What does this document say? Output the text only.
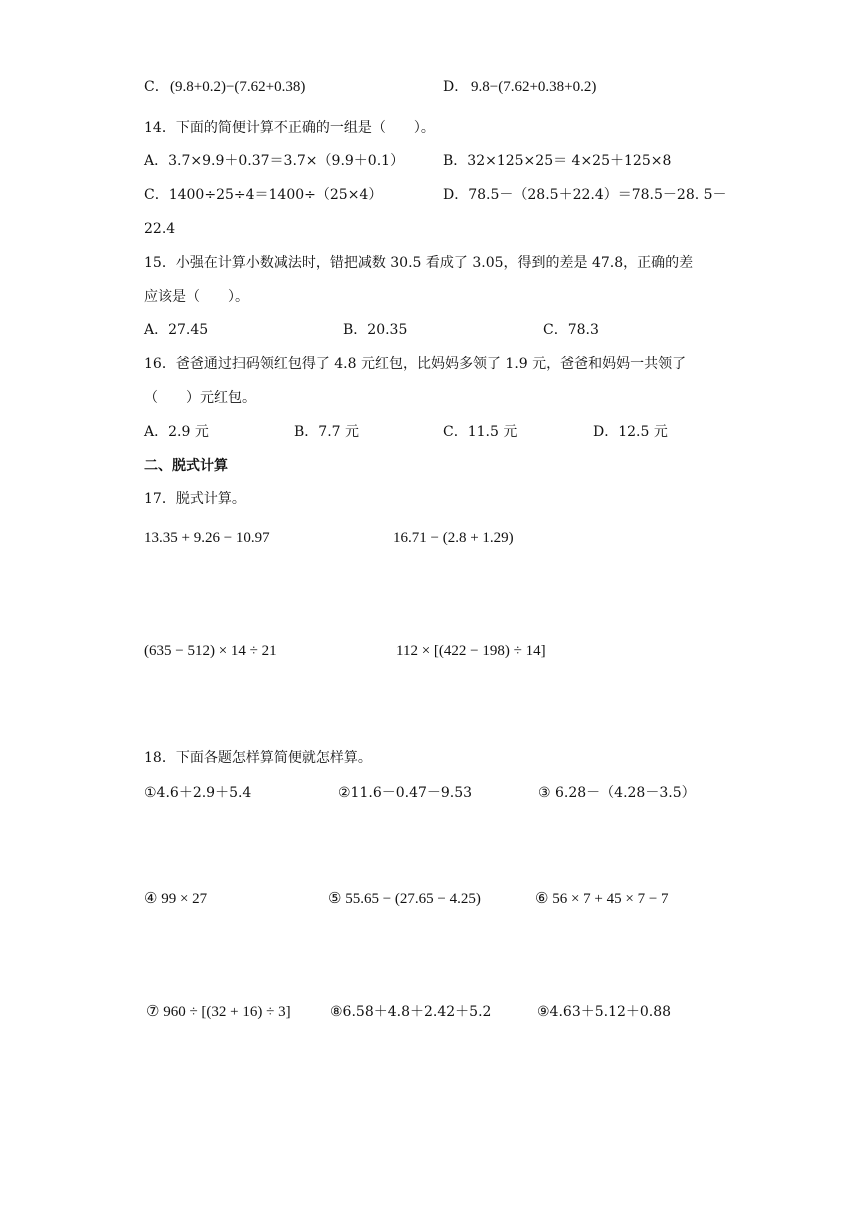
C． (9.8+0.2)−(7.62+0.38)	D． 9.8−(7.62+0.38+0.2)
14．下面的简便计算不正确的一组是（　　）。
A．3.7×9.9＋0.37＝3.7×（9.9＋0.1）	B．32×125×25＝ 4×25＋125×8
C．1400÷25÷4＝1400÷（25×4）	D．78.5－（28.5＋22.4）＝78.5－28. 5－
22.4
15．小强在计算小数减法时，错把减数 30.5 看成了 3.05，得到的差是 47.8，正确的差
应该是（　　）。
A．27.45	B．20.35	C．78.3
16．爸爸通过扫码领红包得了 4.8 元红包，比妈妈多领了 1.9 元，爸爸和妈妈一共领了
（　　）元红包。
A．2.9 元	B．7.7 元	C．11.5 元	D．12.5 元
二、脱式计算
17．脱式计算。
13.35 + 9.26 − 10.97	16.71 − (2.8 + 1.29)
(635 − 512) × 14 ÷ 21	112 × [(422 − 198) ÷ 14]
18．下面各题怎样算简便就怎样算。
①4.6＋2.9＋5.4	②11.6－0.47－9.53	③ 6.28－（4.28－3.5）
④ 99 × 27	⑤ 55.65 − (27.65 − 4.25)	⑥ 56 × 7 + 45 × 7 − 7
⑦ 960 ÷ [(32 + 16) ÷ 3]	⑧6.58＋4.8＋2.42＋5.2	⑨4.63＋5.12＋0.88
